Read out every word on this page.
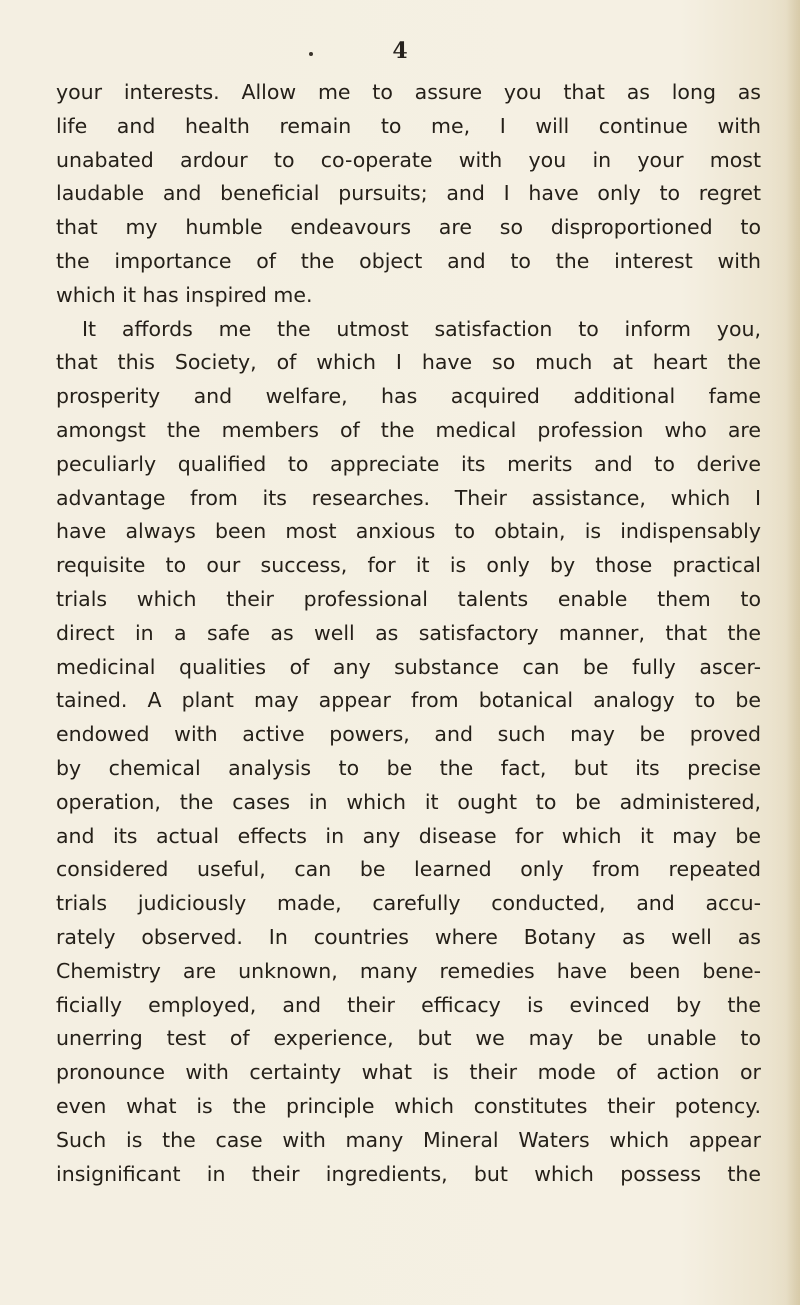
4
your interests. Allow me to assure you that as long as
life and health remain to me, I will continue with
unabated ardour to co-operate with you in your most
laudable and beneficial pursuits; and I have only to regret
that my humble endeavours are so disproportioned to
the importance of the object and to the interest with
which it has inspired me.
It affords me the utmost satisfaction to inform you,
that this Society, of which I have so much at heart the
prosperity and welfare, has acquired additional fame
amongst the members of the medical profession who are
peculiarly qualified to appreciate its merits and to derive
advantage from its researches. Their assistance, which I
have always been most anxious to obtain, is indispensably
requisite to our success, for it is only by those practical
trials which their professional talents enable them to
direct in a safe as well as satisfactory manner, that the
medicinal qualities of any substance can be fully ascer-
tained. A plant may appear from botanical analogy to be
endowed with active powers, and such may be proved
by chemical analysis to be the fact, but its precise
operation, the cases in which it ought to be administered,
and its actual effects in any disease for which it may be
considered useful, can be learned only from repeated
trials judiciously made, carefully conducted, and accu-
rately observed. In countries where Botany as well as
Chemistry are unknown, many remedies have been bene-
ficially employed, and their efficacy is evinced by the
unerring test of experience, but we may be unable to
pronounce with certainty what is their mode of action or
even what is the principle which constitutes their potency.
Such is the case with many Mineral Waters which appear
insignificant in their ingredients, but which possess the
